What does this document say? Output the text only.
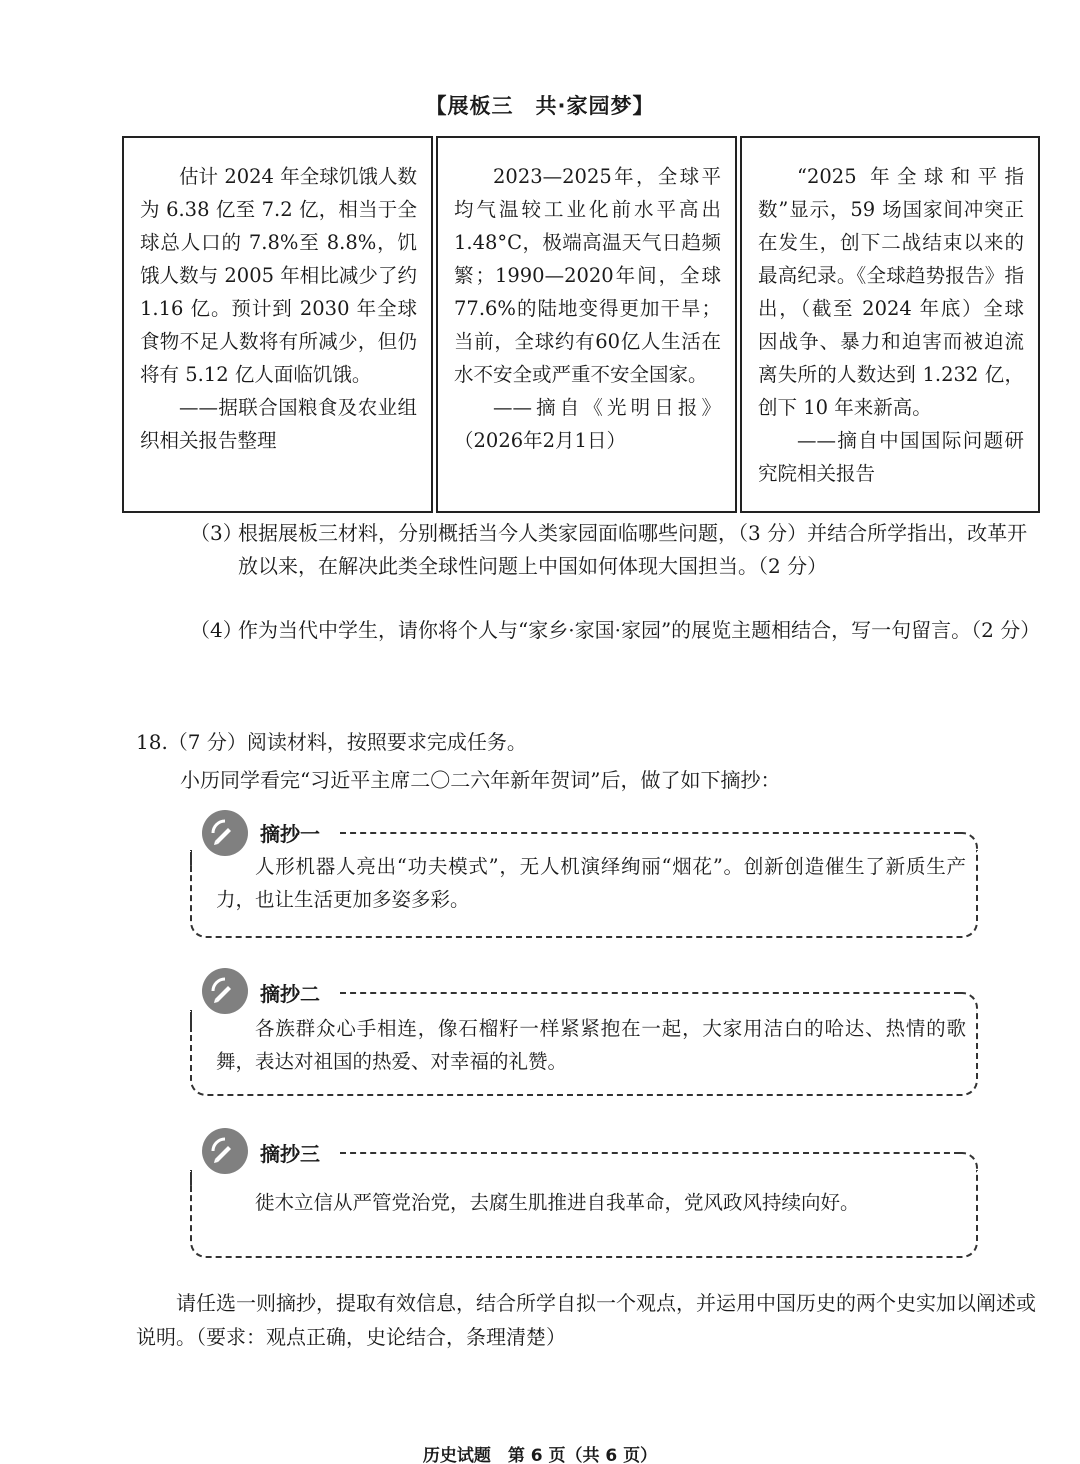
【展板三　共·家园梦】

估计 2024 年全球饥饿人数为 6.38 亿至 7.2 亿，相当于全球总人口的 7.8%至 8.8%，饥饿人数与 2005 年相比减少了约 1.16 亿。预计到 2030 年全球食物不足人数将有所减少，但仍将有 5.12 亿人面临饥饿。

——据联合国粮食及农业组织相关报告整理

2023—2025年，全球平均气温较工业化前水平高出1.48°C，极端高温天气日趋频繁；1990—2020年间，全球77.6%的陆地变得更加干旱；当前，全球约有60亿人生活在水不安全或严重不安全国家。

——摘自《光明日报》（2026年2月1日）

“2025 年全球和平指数”显示，59 场国家间冲突正在发生，创下二战结束以来的最高纪录。《全球趋势报告》指出，（截至 2024 年底）全球因战争、暴力和迫害而被迫流离失所的人数达到 1.232 亿，创下 10 年来新高。

——摘自中国国际问题研究院相关报告

（3）
根据展板三材料，分别概括当今人类家园面临哪些问题，（3 分）并结合所学指出，改革开放以来，在解决此类全球性问题上中国如何体现大国担当。（2 分）
（4）
作为当代中学生，请你将个人与“家乡·家国·家园”的展览主题相结合，写一句留言。（2 分）
18.（7 分）阅读材料，按照要求完成任务。
小历同学看完“习近平主席二〇二六年新年贺词”后，做了如下摘抄：
摘抄一
人形机器人亮出“功夫模式”，无人机演绎绚丽“烟花”。创新创造催生了新质生产力，也让生活更加多姿多彩。
摘抄二
各族群众心手相连，像石榴籽一样紧紧抱在一起，大家用洁白的哈达、热情的歌舞，表达对祖国的热爱、对幸福的礼赞。
摘抄三
徙木立信从严管党治党，去腐生肌推进自我革命，党风政风持续向好。
请任选一则摘抄，提取有效信息，结合所学自拟一个观点，并运用中国历史的两个史实加以阐述或说明。（要求：观点正确，史论结合，条理清楚）
历史试题　第 6 页（共 6 页）
